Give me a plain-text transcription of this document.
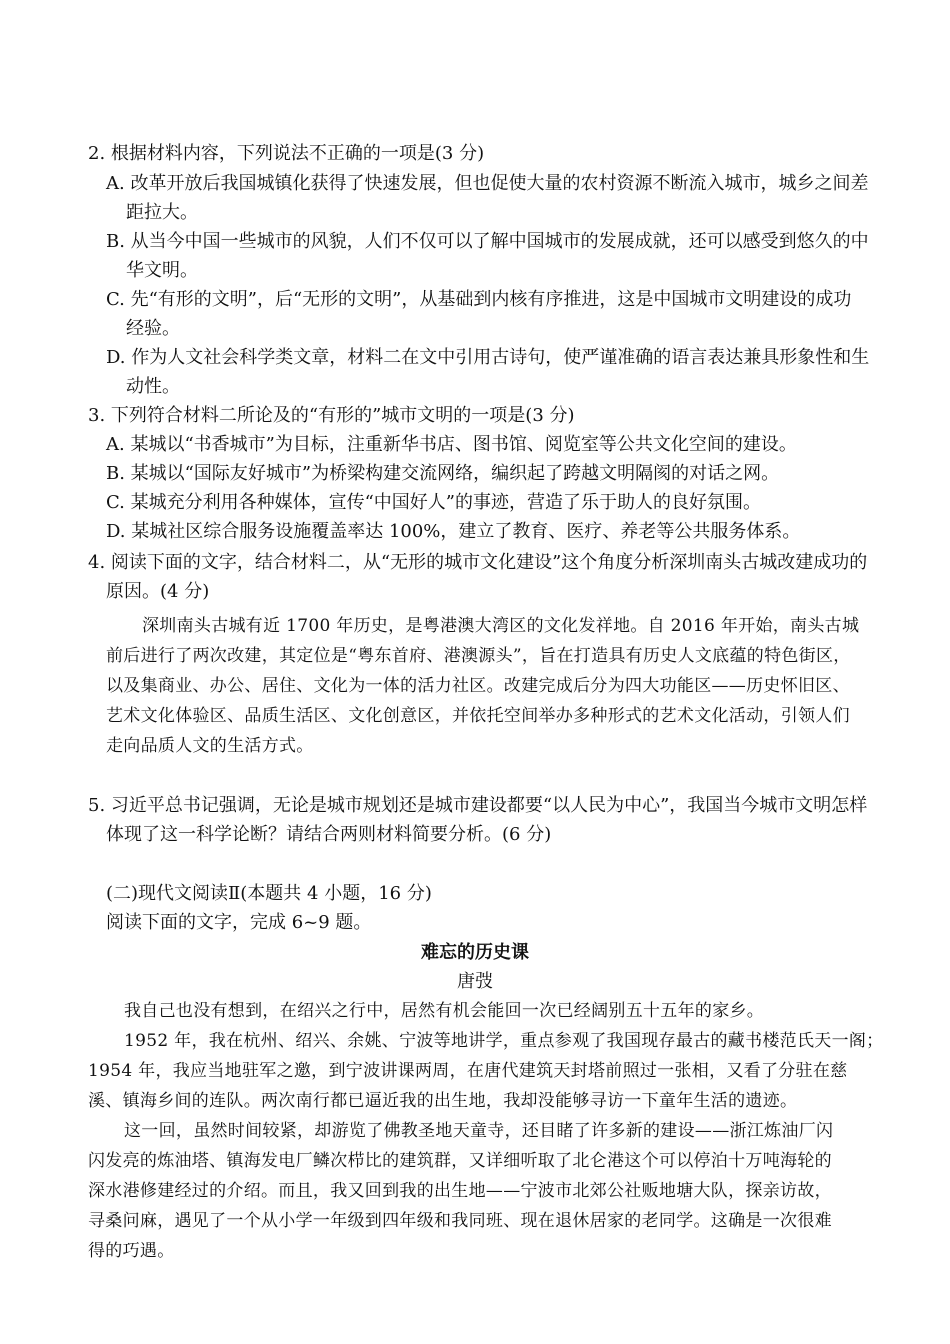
2. 根据材料内容，下列说法不正确的一项是(3 分)
A. 改革开放后我国城镇化获得了快速发展，但也促使大量的农村资源不断流入城市，城乡之间差
距拉大。
B. 从当今中国一些城市的风貌，人们不仅可以了解中国城市的发展成就，还可以感受到悠久的中
华文明。
C. 先“有形的文明”，后“无形的文明”，从基础到内核有序推进，这是中国城市文明建设的成功
经验。
D. 作为人文社会科学类文章，材料二在文中引用古诗句，使严谨准确的语言表达兼具形象性和生
动性。
3. 下列符合材料二所论及的“有形的”城市文明的一项是(3 分)
A. 某城以“书香城市”为目标，注重新华书店、图书馆、阅览室等公共文化空间的建设。
B. 某城以“国际友好城市”为桥梁构建交流网络，编织起了跨越文明隔阂的对话之网。
C. 某城充分利用各种媒体，宣传“中国好人”的事迹，营造了乐于助人的良好氛围。
D. 某城社区综合服务设施覆盖率达 100%，建立了教育、医疗、养老等公共服务体系。
4. 阅读下面的文字，结合材料二，从“无形的城市文化建设”这个角度分析深圳南头古城改建成功的
原因。(4 分)
深圳南头古城有近 1700 年历史，是粤港澳大湾区的文化发祥地。自 2016 年开始，南头古城
前后进行了两次改建，其定位是“粤东首府、港澳源头”，旨在打造具有历史人文底蕴的特色街区，
以及集商业、办公、居住、文化为一体的活力社区。改建完成后分为四大功能区——历史怀旧区、
艺术文化体验区、品质生活区、文化创意区，并依托空间举办多种形式的艺术文化活动，引领人们
走向品质人文的生活方式。
5. 习近平总书记强调，无论是城市规划还是城市建设都要“以人民为中心”，我国当今城市文明怎样
体现了这一科学论断？请结合两则材料简要分析。(6 分)
(二)现代文阅读Ⅱ(本题共 4 小题，16 分)
阅读下面的文字，完成 6~9 题。
难忘的历史课
唐弢
我自己也没有想到，在绍兴之行中，居然有机会能回一次已经阔别五十五年的家乡。
1952 年，我在杭州、绍兴、余姚、宁波等地讲学，重点参观了我国现存最古的藏书楼范氏天一阁；
1954 年，我应当地驻军之邀，到宁波讲课两周，在唐代建筑天封塔前照过一张相，又看了分驻在慈
溪、镇海乡间的连队。两次南行都已逼近我的出生地，我却没能够寻访一下童年生活的遗迹。
这一回，虽然时间较紧，却游览了佛教圣地天童寺，还目睹了许多新的建设——浙江炼油厂闪
闪发亮的炼油塔、镇海发电厂鳞次栉比的建筑群，又详细听取了北仑港这个可以停泊十万吨海轮的
深水港修建经过的介绍。而且，我又回到我的出生地——宁波市北郊公社贩地塘大队，探亲访故，
寻桑问麻，遇见了一个从小学一年级到四年级和我同班、现在退休居家的老同学。这确是一次很难
得的巧遇。
